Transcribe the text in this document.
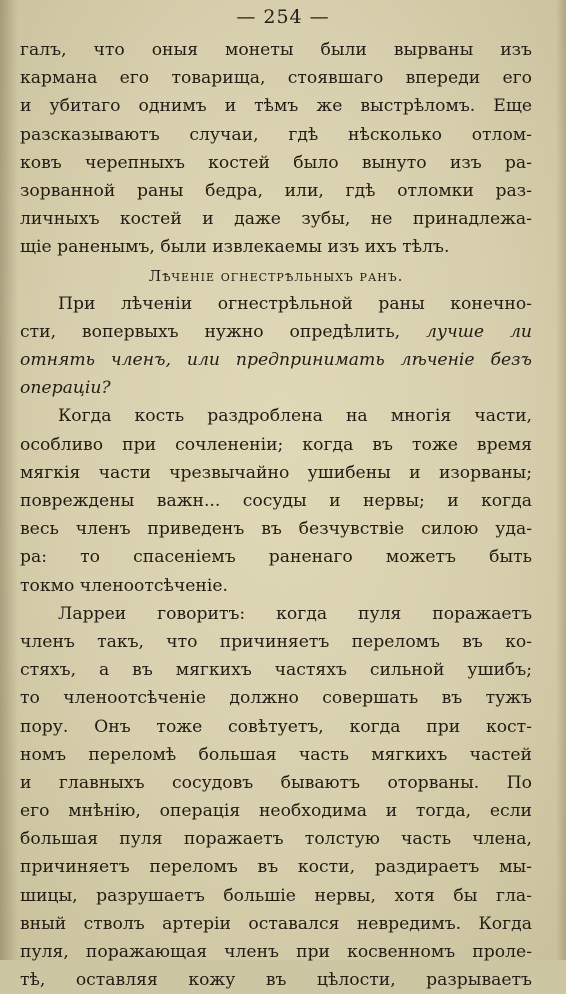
— 254 —
галъ, что оныя монеты были вырваны изъ
кармана его товарища, стоявшаго впереди его
и убитаго однимъ и тѣмъ же выстрѣломъ. Еще
разсказываютъ случаи, гдѣ нѣсколько отлом-
ковъ черепныхъ костей было вынуто изъ ра-
зорванной раны бедра, или, гдѣ отломки раз-
личныхъ костей и даже зубы, не принадлежа-
щіе раненымъ, были извлекаемы изъ ихъ тѣлъ.
Лѣченіе огнестрѣльныхъ ранъ.
При лѣченіи огнестрѣльной раны конечно-
сти, вопервыхъ нужно опредѣлить, лучше ли
отнять членъ, или предпринимать лѣченіе безъ
операціи?
Когда кость раздроблена на многія части,
особливо при сочлененіи; когда въ тоже время
мягкія части чрезвычайно ушибены и изорваны;
повреждены важн... сосуды и нервы; и когда
весь членъ приведенъ въ безчувствіе силою уда-
ра: то спасеніемъ раненаго можетъ быть
токмо членоотсѣченіе.
Ларреи говоритъ: когда пуля поражаетъ
членъ такъ, что причиняетъ переломъ въ ко-
стяхъ, а въ мягкихъ частяхъ сильной ушибъ;
то членоотсѣченіе должно совершать въ тужъ
пору. Онъ тоже совѣтуетъ, когда при кост-
номъ переломѣ большая часть мягкихъ частей
и главныхъ сосудовъ бываютъ оторваны. По
его мнѣнію, операція необходима и тогда, если
большая пуля поражаетъ толстую часть члена,
причиняетъ переломъ въ кости, раздираетъ мы-
шицы, разрушаетъ большіе нервы, хотя бы гла-
вный стволъ артеріи оставался невредимъ. Когда
пуля, поражающая членъ при косвенномъ проле-
тѣ, оставляя кожу въ цѣлости, разрываетъ
